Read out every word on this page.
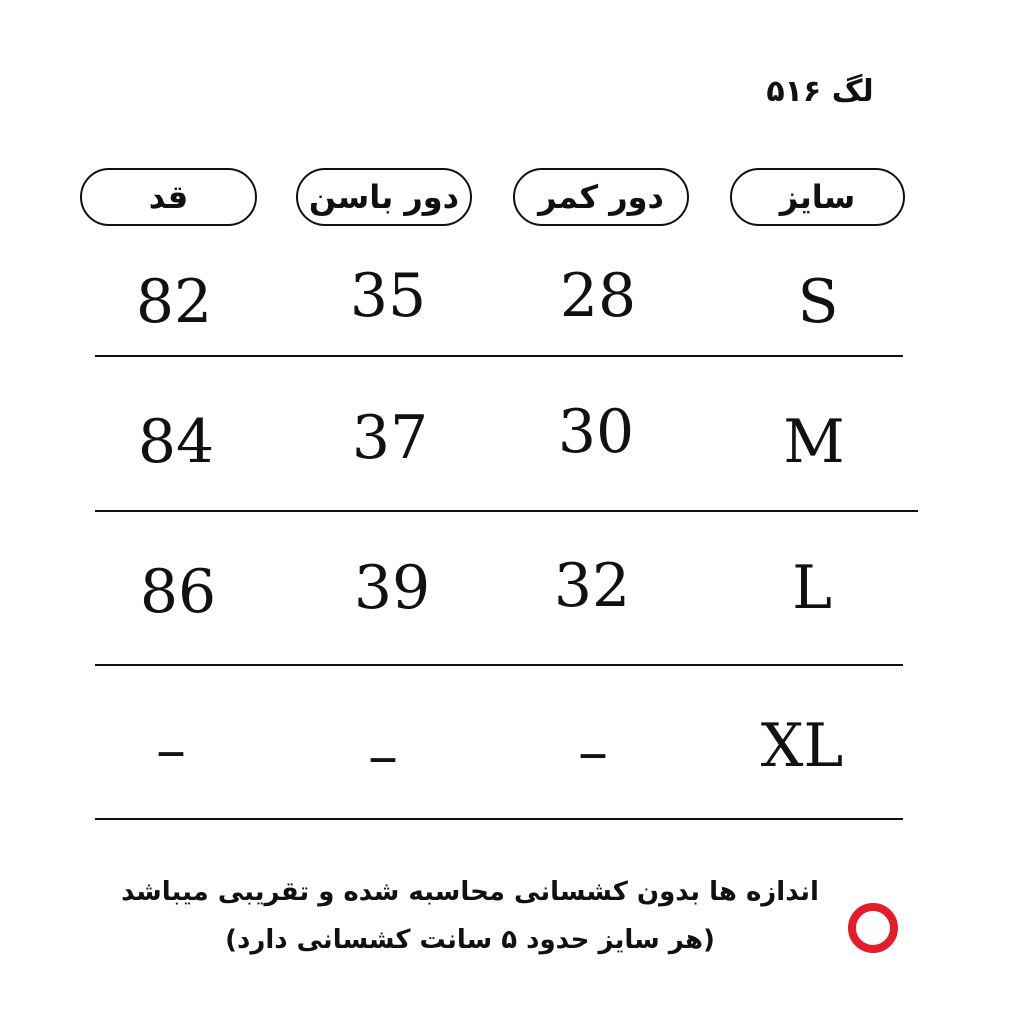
لگ ۵۱۶
سایز
دور کمر
دور باسن
قد
S
28
35
82
M
30
37
84
L
32
39
86
XL
–
–
–
اندازه ها بدون کشسانی محاسبه شده و تقریبی میباشد
(هر سایز حدود ۵ سانت کشسانی دارد)
